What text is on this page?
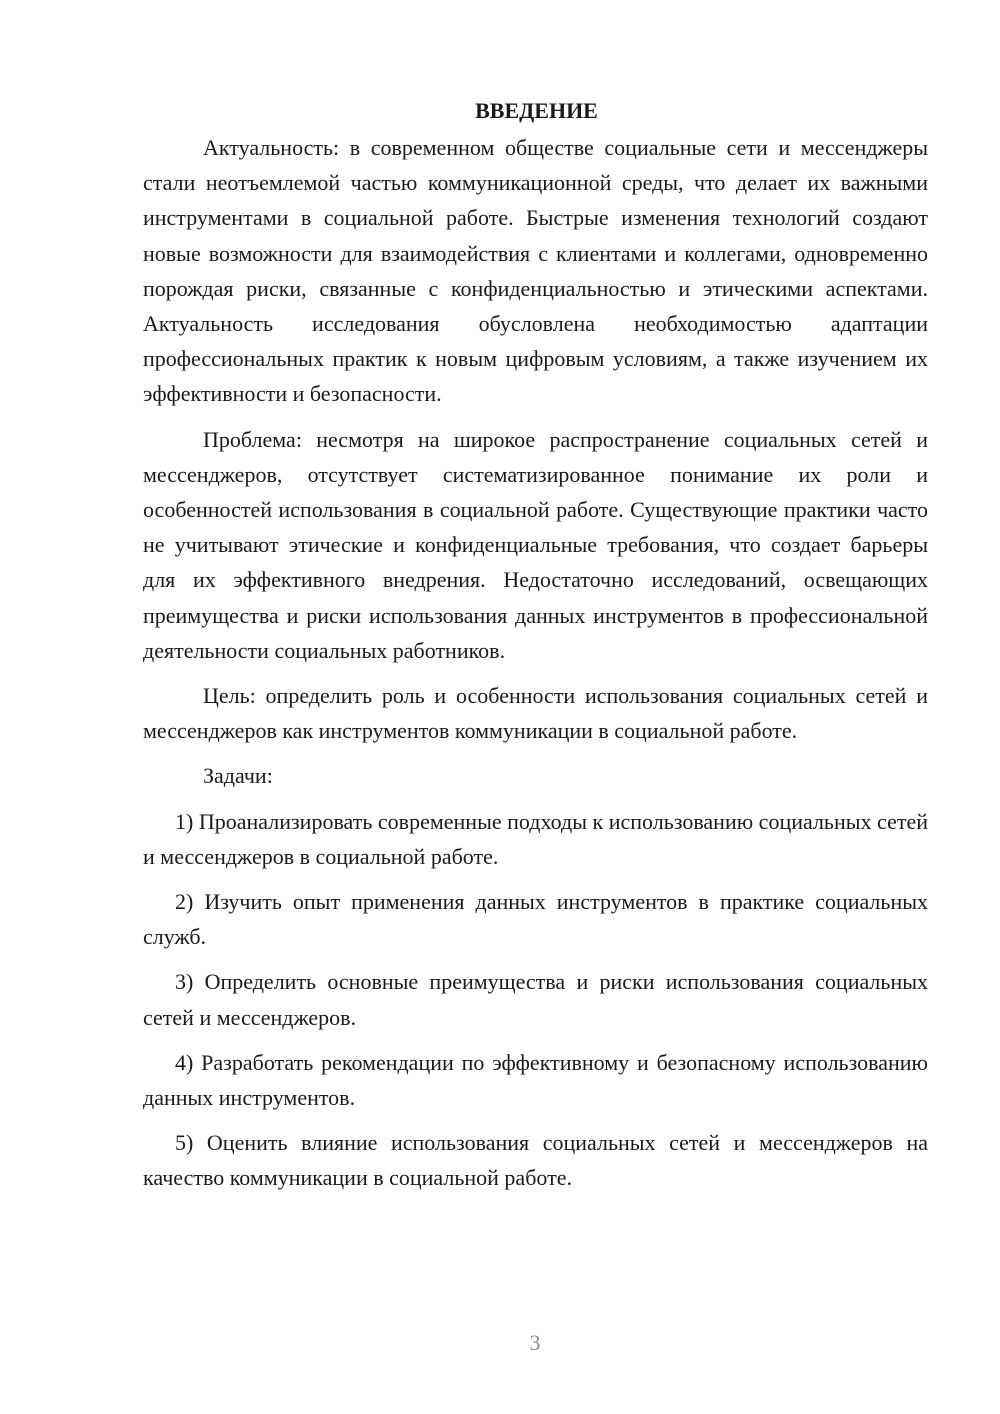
ВВЕДЕНИЕ

Актуальность: в современном обществе социальные сети и мессенджеры стали неотъемлемой частью коммуникационной среды, что делает их важными инструментами в социальной работе. Быстрые изменения технологий создают новые возможности для взаимодействия с клиентами и коллегами, одновременно порождая риски, связанные с конфиденциальностью и этическими аспектами. Актуальность исследования обусловлена необходимостью адаптации профессиональных практик к новым цифровым условиям, а также изучением их эффективности и безопасности.

Проблема: несмотря на широкое распространение социальных сетей и мессенджеров, отсутствует систематизированное понимание их роли и особенностей использования в социальной работе. Существующие практики часто не учитывают этические и конфиденциальные требования, что создает барьеры для их эффективного внедрения. Недостаточно исследований, освещающих преимущества и риски использования данных инструментов в профессиональной деятельности социальных работников.

Цель: определить роль и особенности использования социальных сетей и мессенджеров как инструментов коммуникации в социальной работе.

Задачи:

1) Проанализировать современные подходы к использованию социальных сетей и мессенджеров в социальной работе.

2) Изучить опыт применения данных инструментов в практике социальных служб.

3) Определить основные преимущества и риски использования социальных сетей и мессенджеров.

4) Разработать рекомендации по эффективному и безопасному использованию данных инструментов.

5) Оценить влияние использования социальных сетей и мессенджеров на качество коммуникации в социальной работе.

3
